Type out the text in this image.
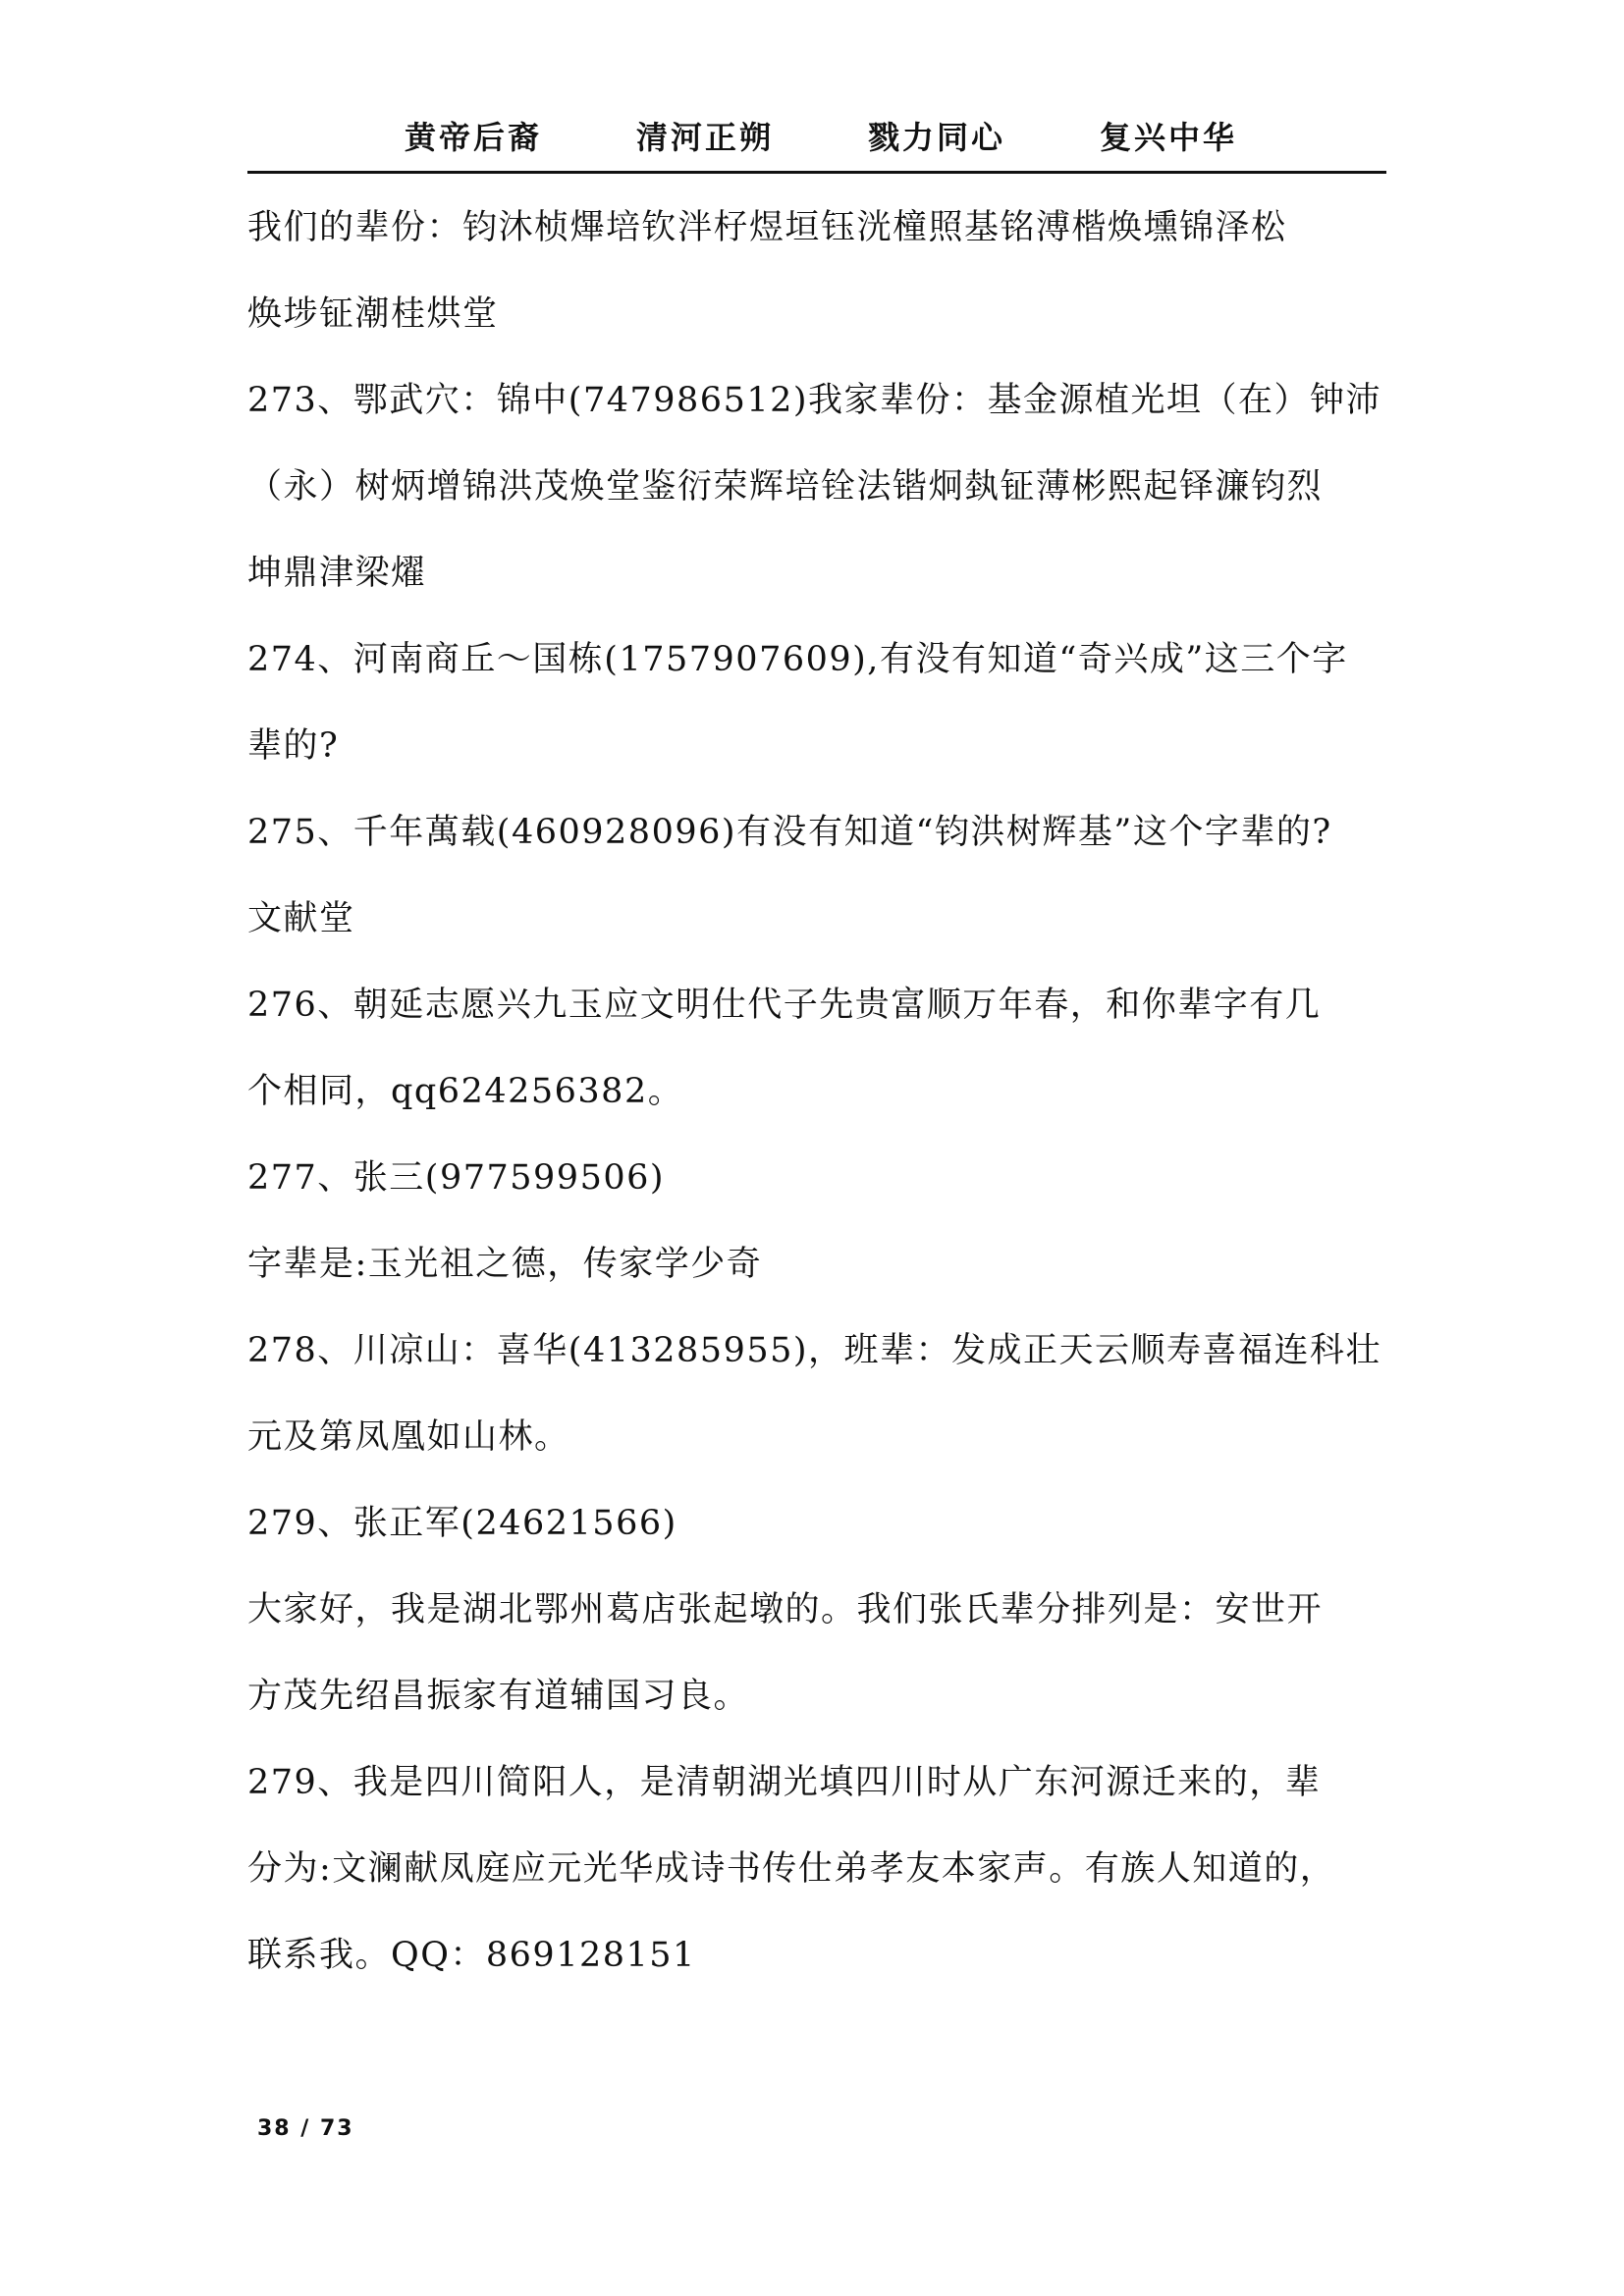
黄帝后裔	清河正朔	戮力同心	复兴中华
我们的辈份：钧沐桢熚培钦泮杍煜垣钰洸橦照基铭溥楷焕壎锦泽松
焕埗钲潮桂烘堂
273、鄂武穴：锦中(747986512)我家辈份：基金源植光坦（在）钟沛
（永）树炳增锦洪茂焕堂鉴衍荣辉培铨法锴炯埶钲薄彬熙起铎濂钧烈
坤鼎津梁燿
274、河南商丘～国栋(1757907609),有没有知道“奇兴成”这三个字
辈的?
275、千年萬载(460928096)有没有知道“钧洪树辉基”这个字辈的?
文献堂
276、朝延志愿兴九玉应文明仕代子先贵富顺万年春，和你辈字有几
个相同，qq624256382。
277、张三(977599506)
字辈是:玉光祖之德，传家学少奇
278、川凉山：喜华(413285955)，班辈：发成正天云顺寿喜福连科壮
元及第凤凰如山林。
279、张正军(24621566)
大家好，我是湖北鄂州葛店张起墩的。我们张氏辈分排列是：安世开
方茂先绍昌振家有道辅国习良。
279、我是四川简阳人，是清朝湖光填四川时从广东河源迁来的，辈
分为:文澜献凤庭应元光华成诗书传仕弟孝友本家声。有族人知道的，
联系我。QQ：869128151
38 / 73
